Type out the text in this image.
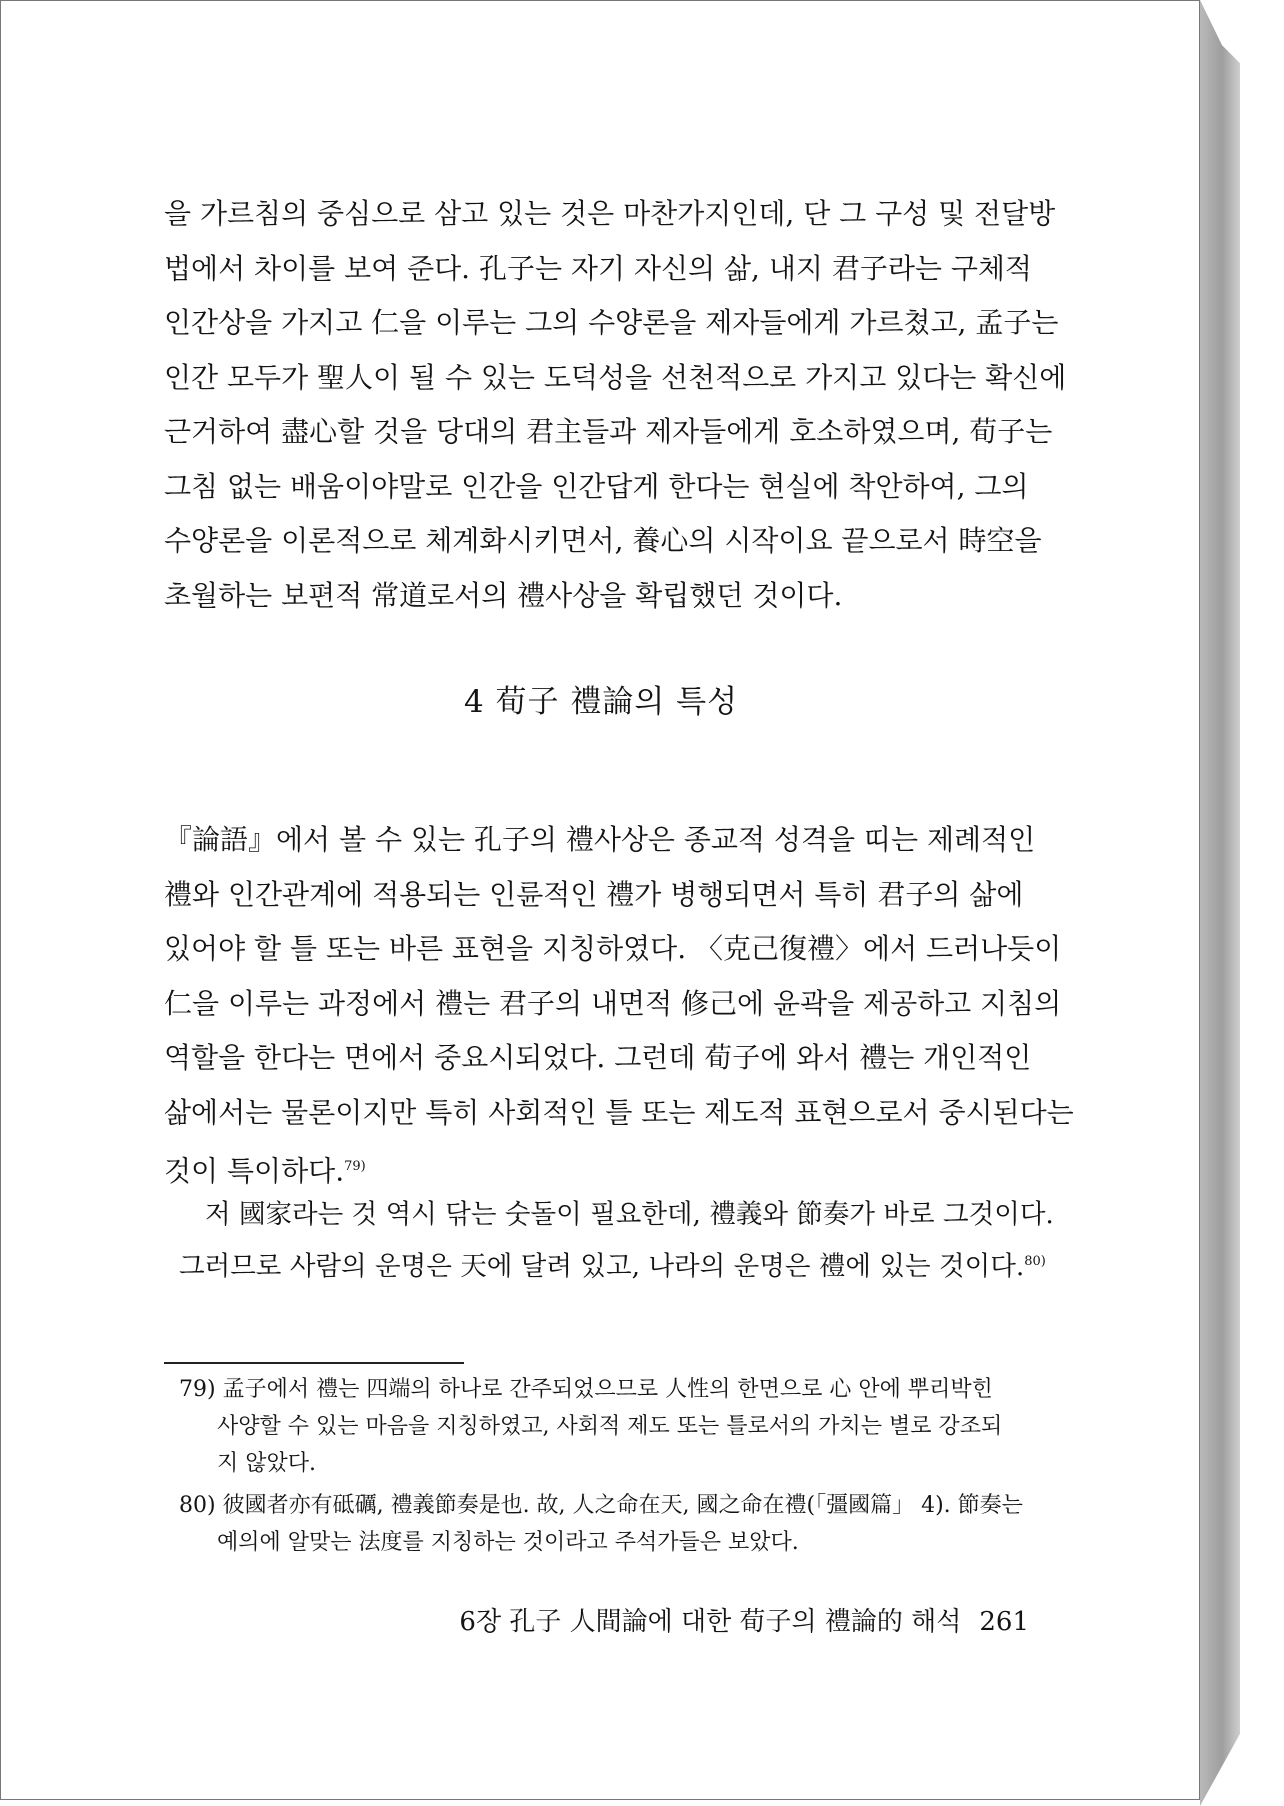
을 가르침의 중심으로 삼고 있는 것은 마찬가지인데, 단 그 구성 및 전달방
법에서 차이를 보여 준다. 孔子는 자기 자신의 삶, 내지 君子라는 구체적
인간상을 가지고 仁을 이루는 그의 수양론을 제자들에게 가르쳤고, 孟子는
인간 모두가 聖人이 될 수 있는 도덕성을 선천적으로 가지고 있다는 확신에
근거하여 盡心할 것을 당대의 君主들과 제자들에게 호소하였으며, 荀子는
그침 없는 배움이야말로 인간을 인간답게 한다는 현실에 착안하여, 그의
수양론을 이론적으로 체계화시키면서, 養心의 시작이요 끝으로서 時空을
초월하는 보편적 常道로서의 禮사상을 확립했던 것이다.

4 荀子 禮論의 특성

『論語』에서 볼 수 있는 孔子의 禮사상은 종교적 성격을 띠는 제례적인
禮와 인간관계에 적용되는 인륜적인 禮가 병행되면서 특히 君子의 삶에
있어야 할 틀 또는 바른 표현을 지칭하였다. 〈克己復禮〉에서 드러나듯이
仁을 이루는 과정에서 禮는 君子의 내면적 修己에 윤곽을 제공하고 지침의
역할을 한다는 면에서 중요시되었다. 그런데 荀子에 와서 禮는 개인적인
삶에서는 물론이지만 특히 사회적인 틀 또는 제도적 표현으로서 중시된다는
것이 특이하다.$^{79)}$

저 國家라는 것 역시 닦는 숫돌이 필요한데, 禮義와 節奏가 바로 그것이다.
그러므로 사람의 운명은 天에 달려 있고, 나라의 운명은 禮에 있는 것이다.$^{80)}$
79) 孟子에서 禮는 四端의 하나로 간주되었으므로 人性의 한면으로 心 안에 뿌리박힌
사양할 수 있는 마음을 지칭하였고, 사회적 제도 또는 틀로서의 가치는 별로 강조되
지 않았다.
80) 彼國者亦有砥礪, 禮義節奏是也. 故, 人之命在天, 國之命在禮(「彊國篇」 4). 節奏는
예의에 알맞는 法度를 지칭하는 것이라고 주석가들은 보았다.
6장 孔子 人間論에 대한 荀子의 禮論的 해석 261
